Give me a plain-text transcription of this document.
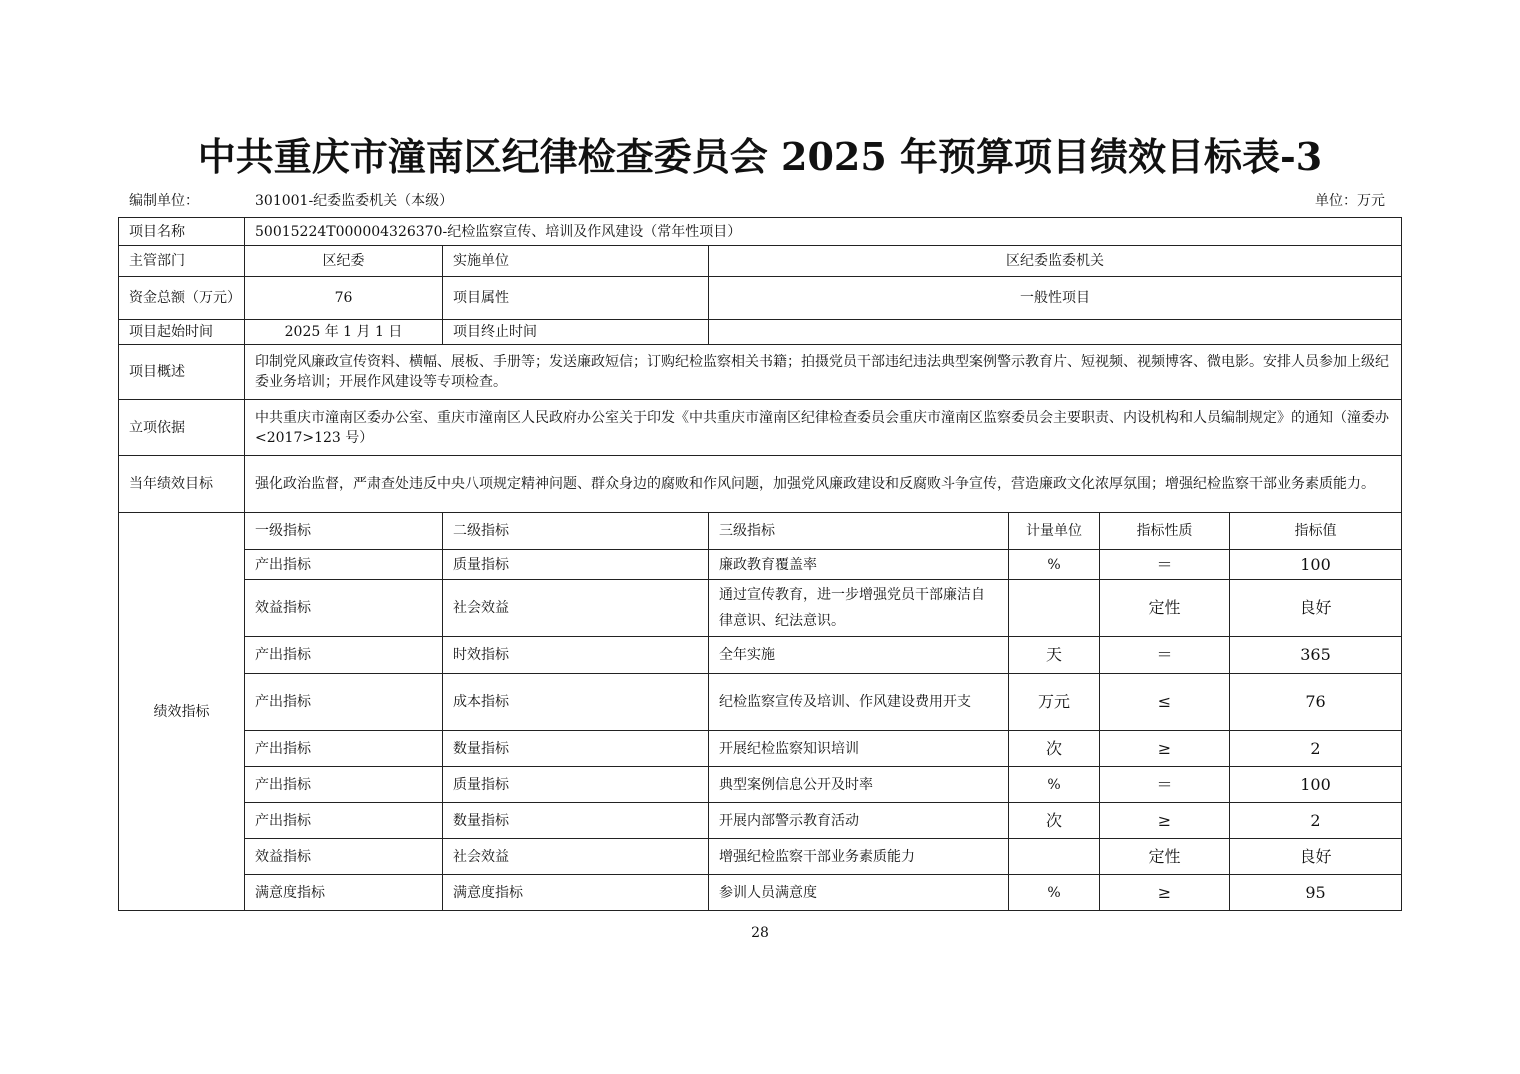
中共重庆市潼南区纪律检查委员会 2025 年预算项目绩效目标表-3
编制单位：	301001-纪委监委机关（本级）	单位：万元
项目名称	50015224T000004326370-纪检监察宣传、培训及作风建设（常年性项目）					
主管部门	区纪委	实施单位	区纪委监委机关			
资金总额（万元）	76	项目属性	一般性项目			
项目起始时间	2025 年 1 月 1 日	项目终止时间				
项目概述	印制党风廉政宣传资料、横幅、展板、手册等；发送廉政短信；订购纪检监察相关书籍；拍摄党员干部违纪违法典型案例警示教育片、短视频、视频博客、微电影。安排人员参加上级纪委业务培训；开展作风建设等专项检查。					
立项依据	中共重庆市潼南区委办公室、重庆市潼南区人民政府办公室关于印发《中共重庆市潼南区纪律检查委员会重庆市潼南区监察委员会主要职责、内设机构和人员编制规定》的通知（潼委办<2017>123 号）					
当年绩效目标	强化政治监督，严肃查处违反中央八项规定精神问题、群众身边的腐败和作风问题，加强党风廉政建设和反腐败斗争宣传，营造廉政文化浓厚氛围；增强纪检监察干部业务素质能力。					
绩效指标	一级指标	二级指标	三级指标	计量单位	指标性质	指标值
	产出指标	质量指标	廉政教育覆盖率	%	＝	100
	效益指标	社会效益	通过宣传教育，进一步增强党员干部廉洁自律意识、纪法意识。		定性	良好
	产出指标	时效指标	全年实施	天	＝	365
	产出指标	成本指标	纪检监察宣传及培训、作风建设费用开支	万元	≤	76
	产出指标	数量指标	开展纪检监察知识培训	次	≥	2
	产出指标	质量指标	典型案例信息公开及时率	%	＝	100
	产出指标	数量指标	开展内部警示教育活动	次	≥	2
	效益指标	社会效益	增强纪检监察干部业务素质能力		定性	良好
	满意度指标	满意度指标	参训人员满意度	%	≥	95
28
